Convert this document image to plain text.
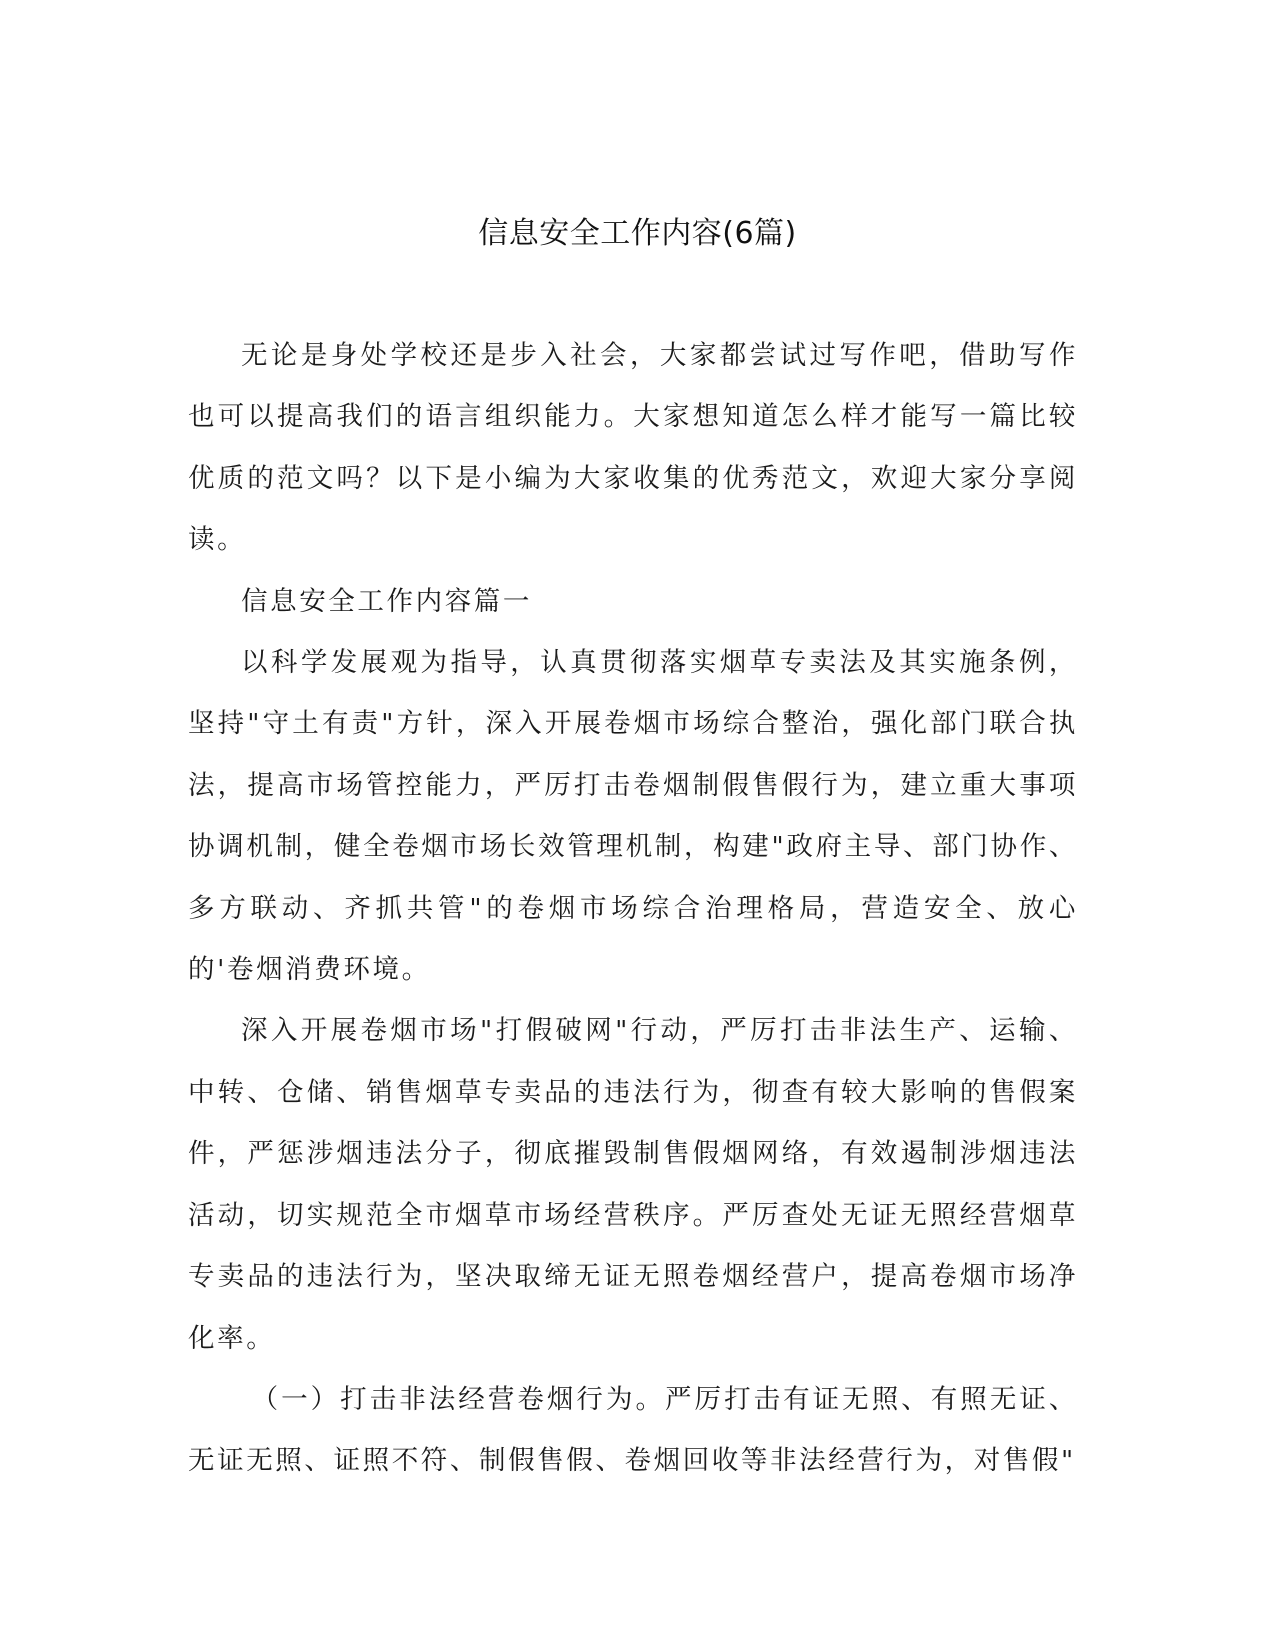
信息安全工作内容(6篇)

无论是身处学校还是步入社会，大家都尝试过写作吧，借助写作也可以提高我们的语言组织能力。大家想知道怎么样才能写一篇比较优质的范文吗？以下是小编为大家收集的优秀范文，欢迎大家分享阅读。

信息安全工作内容篇一

以科学发展观为指导，认真贯彻落实烟草专卖法及其实施条例，坚持"守土有责"方针，深入开展卷烟市场综合整治，强化部门联合执法，提高市场管控能力，严厉打击卷烟制假售假行为，建立重大事项协调机制，健全卷烟市场长效管理机制，构建"政府主导、部门协作、多方联动、齐抓共管"的卷烟市场综合治理格局，营造安全、放心的'卷烟消费环境。

深入开展卷烟市场"打假破网"行动，严厉打击非法生产、运输、中转、仓储、销售烟草专卖品的违法行为，彻查有较大影响的售假案件，严惩涉烟违法分子，彻底摧毁制售假烟网络，有效遏制涉烟违法活动，切实规范全市烟草市场经营秩序。严厉查处无证无照经营烟草专卖品的违法行为，坚决取缔无证无照卷烟经营户，提高卷烟市场净化率。

（一）打击非法经营卷烟行为。严厉打击有证无照、有照无证、无证无照、证照不符、制假售假、卷烟回收等非法经营行为，对售假"
